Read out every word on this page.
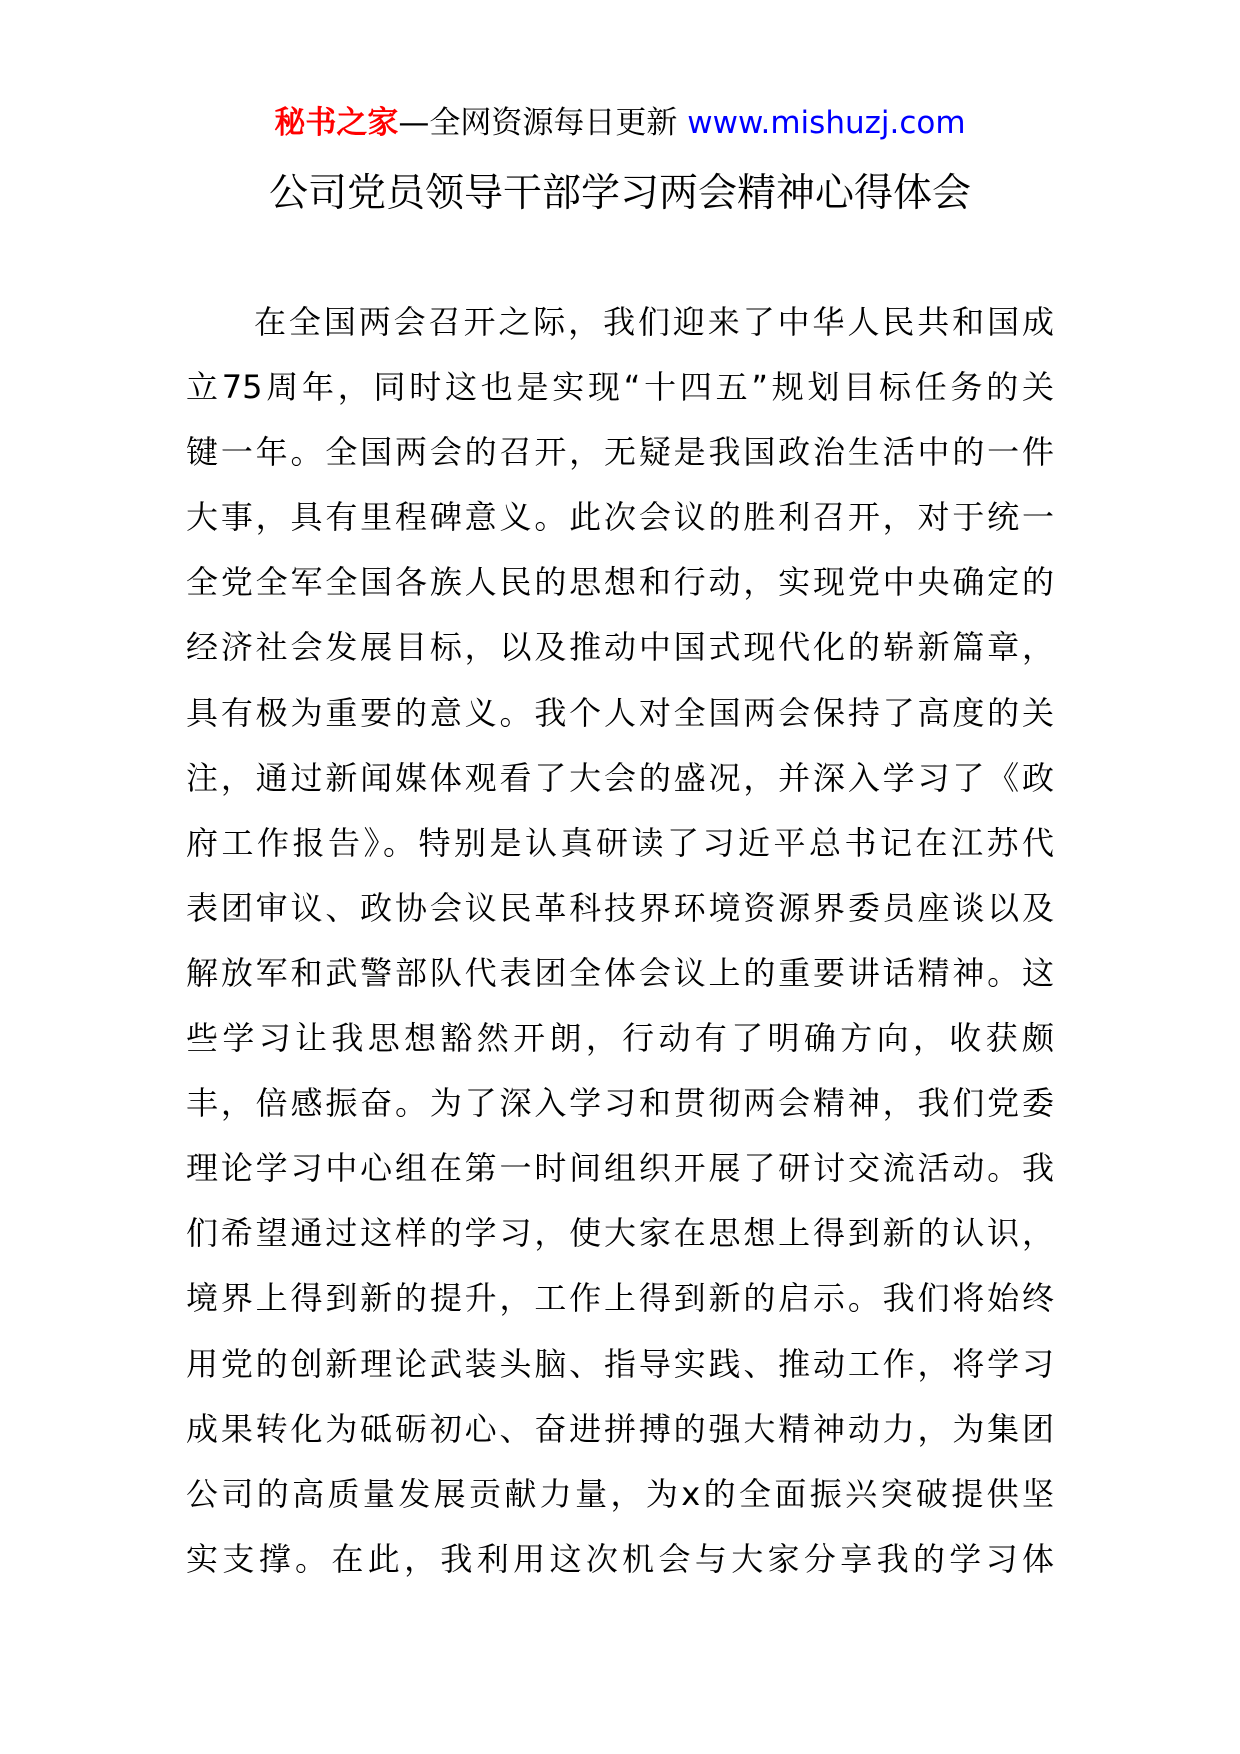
秘书之家—全网资源每日更新 www.mishuzj.com
公司党员领导干部学习两会精神心得体会
在全国两会召开之际，我们迎来了中华人民共和国成
立75周年，同时这也是实现“十四五”规划目标任务的关
键一年。全国两会的召开，无疑是我国政治生活中的一件
大事，具有里程碑意义。此次会议的胜利召开，对于统一
全党全军全国各族人民的思想和行动，实现党中央确定的
经济社会发展目标，以及推动中国式现代化的崭新篇章，
具有极为重要的意义。我个人对全国两会保持了高度的关
注，通过新闻媒体观看了大会的盛况，并深入学习了《政
府工作报告》。特别是认真研读了习近平总书记在江苏代
表团审议、政协会议民革科技界环境资源界委员座谈以及
解放军和武警部队代表团全体会议上的重要讲话精神。这
些学习让我思想豁然开朗，行动有了明确方向，收获颇
丰，倍感振奋。为了深入学习和贯彻两会精神，我们党委
理论学习中心组在第一时间组织开展了研讨交流活动。我
们希望通过这样的学习，使大家在思想上得到新的认识，
境界上得到新的提升，工作上得到新的启示。我们将始终
用党的创新理论武装头脑、指导实践、推动工作，将学习
成果转化为砥砺初心、奋进拼搏的强大精神动力，为集团
公司的高质量发展贡献力量，为x的全面振兴突破提供坚
实支撑。在此，我利用这次机会与大家分享我的学习体
